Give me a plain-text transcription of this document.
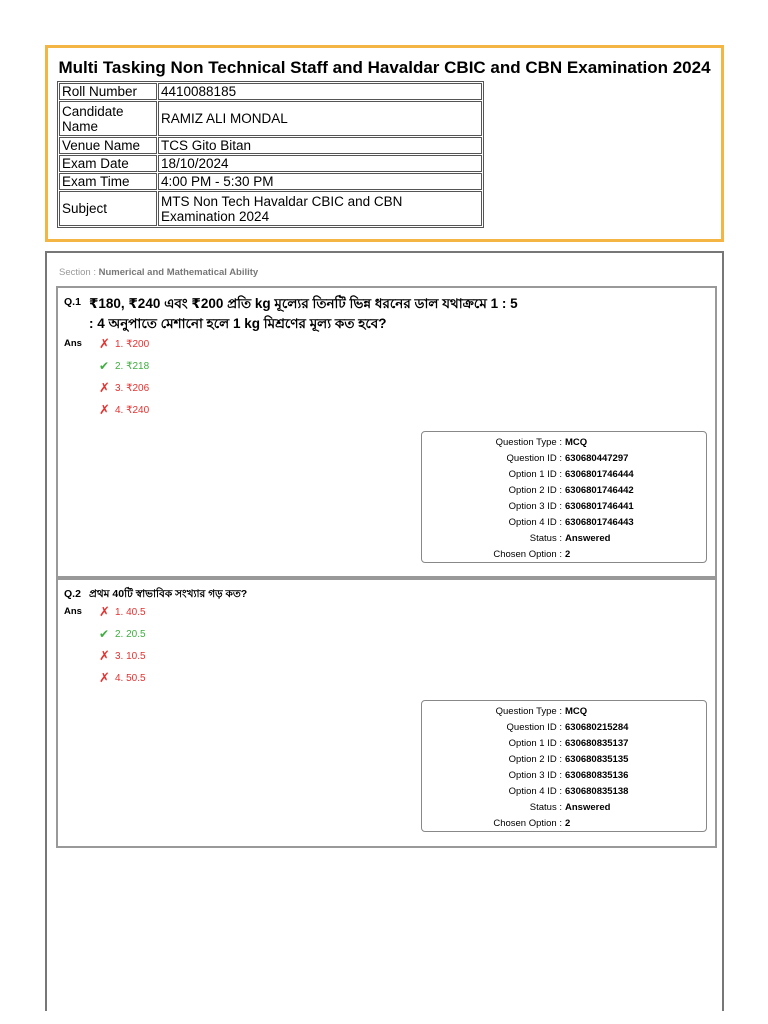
Multi Tasking Non Technical Staff and Havaldar CBIC and CBN Examination 2024
Roll Number	4410088185
Candidate Name	RAMIZ ALI MONDAL
Venue Name	TCS Gito Bitan
Exam Date	18/10/2024
Exam Time	4:00 PM - 5:30 PM
Subject	MTS Non Tech Havaldar CBIC and CBN Examination 2024
Section : Numerical and Mathematical Ability
Q.1 ₹180, ₹240 এবং ₹200 প্রতি kg মূল্যের তিনটি ভিন্ন ধরনের ডাল যথাক্রমে 1 : 5 : 4 অনুপাতে মেশানো হলে 1 kg মিশ্রণের মূল্য কত হবে?
Ans ✗ 1. ₹200
✔ 2. ₹218
✗ 3. ₹206
✗ 4. ₹240
Question Type : MCQ
Question ID : 630680447297
Option 1 ID : 6306801746444
Option 2 ID : 6306801746442
Option 3 ID : 6306801746441
Option 4 ID : 6306801746443
Status : Answered
Chosen Option : 2
Q.2 প্রথম 40টি স্বাভাবিক সংখ্যার গড় কত?
Ans ✗ 1. 40.5
✔ 2. 20.5
✗ 3. 10.5
✗ 4. 50.5
Question Type : MCQ
Question ID : 630680215284
Option 1 ID : 630680835137
Option 2 ID : 630680835135
Option 3 ID : 630680835136
Option 4 ID : 630680835138
Status : Answered
Chosen Option : 2
